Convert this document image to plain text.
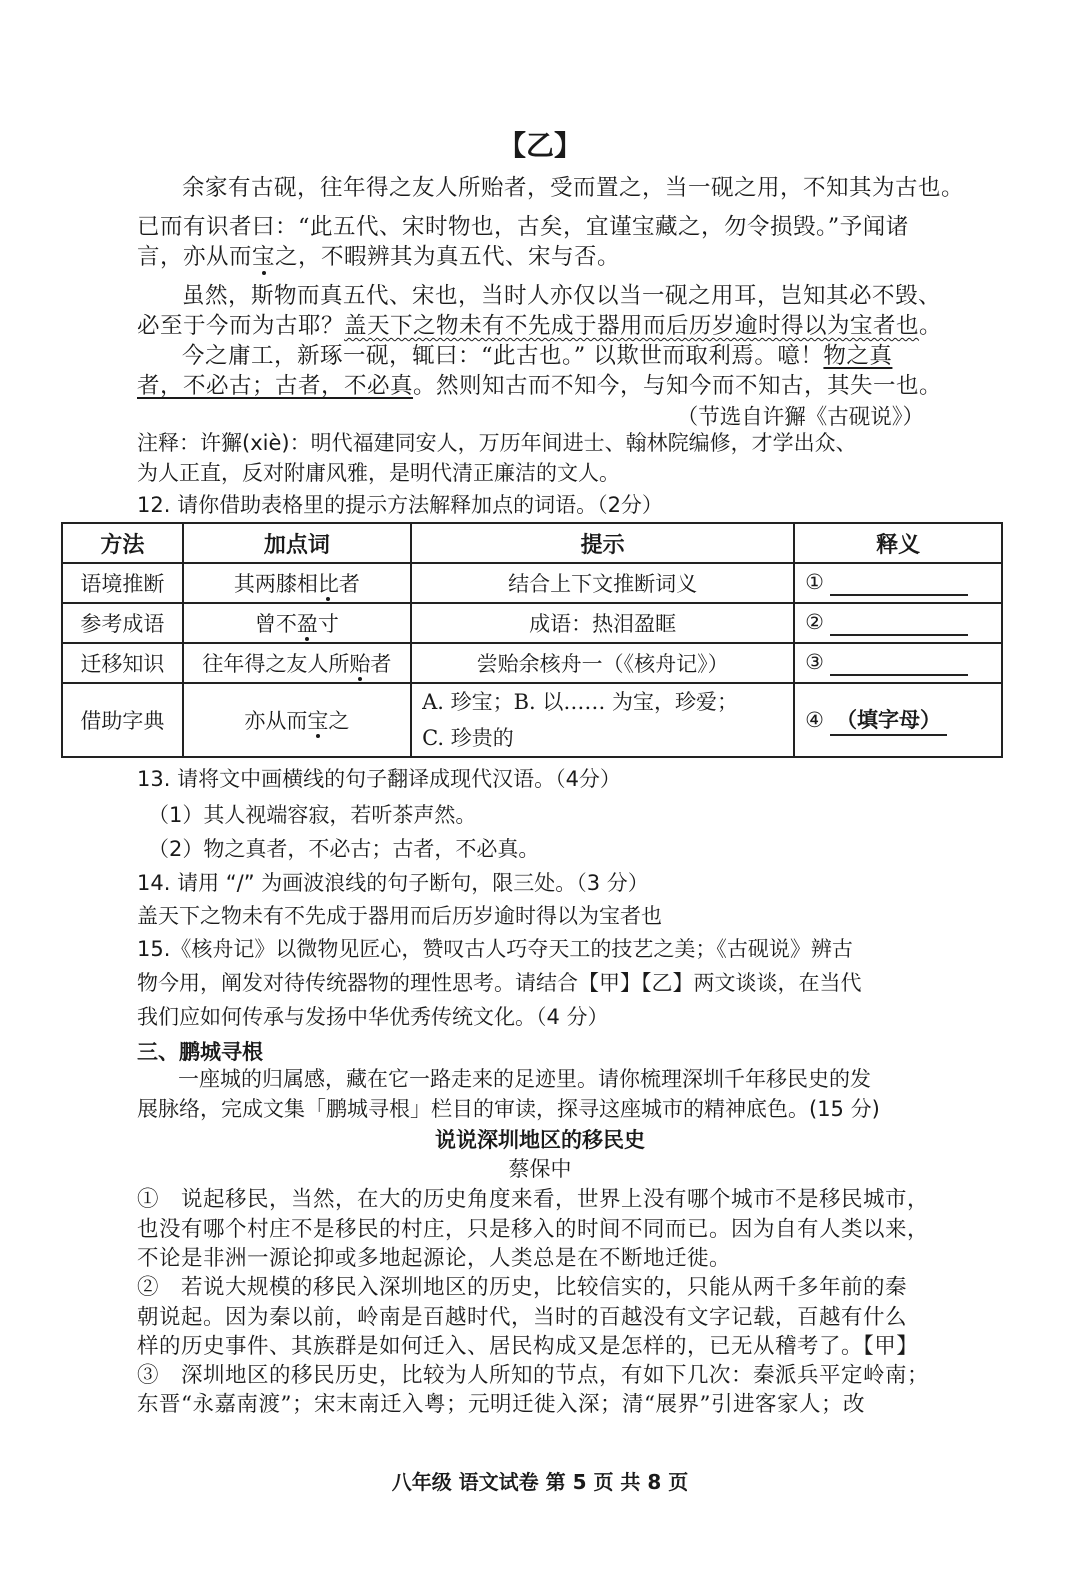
【乙】
余家有古砚，往年得之友人所贻者，受而置之，当一砚之用，不知其为古也。
已而有识者曰：“此五代、宋时物也，古矣，宜谨宝藏之，勿令损毁。”予闻诸
言，亦从而宝之，不暇辨其为真五代、宋与否。
虽然，斯物而真五代、宋也，当时人亦仅以当一砚之用耳，岂知其必不毁、
必至于今而为古耶？盖天下之物未有不先成于器用而后历岁逾时得以为宝者也。
今之庸工，新琢一砚，辄曰：“此古也。” 以欺世而取利焉。噫！物之真
者，不必古；古者，不必真。然则知古而不知今，与知今而不知古，其失一也。
（节选自许獬《古砚说》）
注释：许獬(xiè)：明代福建同安人，万历年间进士、翰林院编修，才学出众、
为人正直，反对附庸风雅，是明代清正廉洁的文人。
12. 请你借助表格里的提示方法解释加点的词语。（2分）
方法	加点词	提示	释义
语境推断	其两膝相比者	结合上下文推断词义	①
参考成语	曾不盈寸	成语：热泪盈眶	②
迁移知识	往年得之友人所贻者	尝贻余核舟一（《核舟记》）	③
借助字典	亦从而宝之	A. 珍宝；B. 以…… 为宝，珍爱；
C. 珍贵的	④ （填字母）
13. 请将文中画横线的句子翻译成现代汉语。（4分）
（1）其人视端容寂，若听茶声然。
（2）物之真者，不必古；古者，不必真。
14. 请用 “/” 为画波浪线的句子断句，限三处。（3 分）
盖天下之物未有不先成于器用而后历岁逾时得以为宝者也
15.《核舟记》以微物见匠心，赞叹古人巧夺天工的技艺之美；《古砚说》辨古
物今用，阐发对待传统器物的理性思考。请结合【甲】【乙】两文谈谈，在当代
我们应如何传承与发扬中华优秀传统文化。（4 分）
三、鹏城寻根
一座城的归属感，藏在它一路走来的足迹里。请你梳理深圳千年移民史的发
展脉络，完成文集「鹏城寻根」栏目的审读，探寻这座城市的精神底色。(15 分)
说说深圳地区的移民史
蔡保中
①　说起移民，当然，在大的历史角度来看，世界上没有哪个城市不是移民城市，
也没有哪个村庄不是移民的村庄，只是移入的时间不同而已。因为自有人类以来，
不论是非洲一源论抑或多地起源论，人类总是在不断地迁徙。
②　若说大规模的移民入深圳地区的历史，比较信实的，只能从两千多年前的秦
朝说起。因为秦以前，岭南是百越时代，当时的百越没有文字记载，百越有什么
样的历史事件、其族群是如何迁入、居民构成又是怎样的，已无从稽考了。【甲】
③　深圳地区的移民历史，比较为人所知的节点，有如下几次：秦派兵平定岭南；
东晋“永嘉南渡”；宋末南迁入粤；元明迁徙入深；清“展界”引进客家人；改
八年级 语文试卷 第 5 页 共 8 页
